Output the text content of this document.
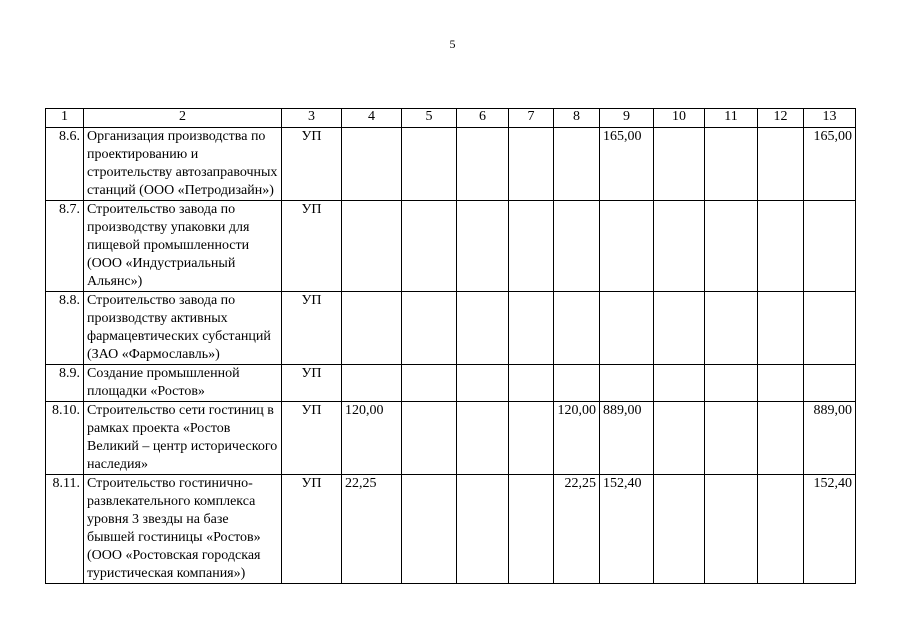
5
1	2	3	4	5	6	7	8	9	10	11	12	13
8.6.	Организация производства по проектированию и строительству автозаправочных станций (ООО «Петродизайн»)	УП						165,00				165,00
8.7.	Строительство завода по производству упаковки для пищевой промышленности (ООО «Индустриальный Альянс»)	УП										
8.8.	Строительство завода по производству активных фармацевтических субстанций (ЗАО «Фармославль»)	УП										
8.9.	Создание промышленной площадки «Ростов»	УП										
8.10.	Строительство сети гостиниц в рамках проекта «Ростов Великий – центр исторического наследия»	УП	120,00				120,00	889,00				889,00
8.11.	Строительство гостинично-развлекательного комплекса уровня 3 звезды на базе бывшей гостиницы «Ростов» (ООО «Ростовская городская туристическая компания»)	УП	22,25				22,25	152,40				152,40
